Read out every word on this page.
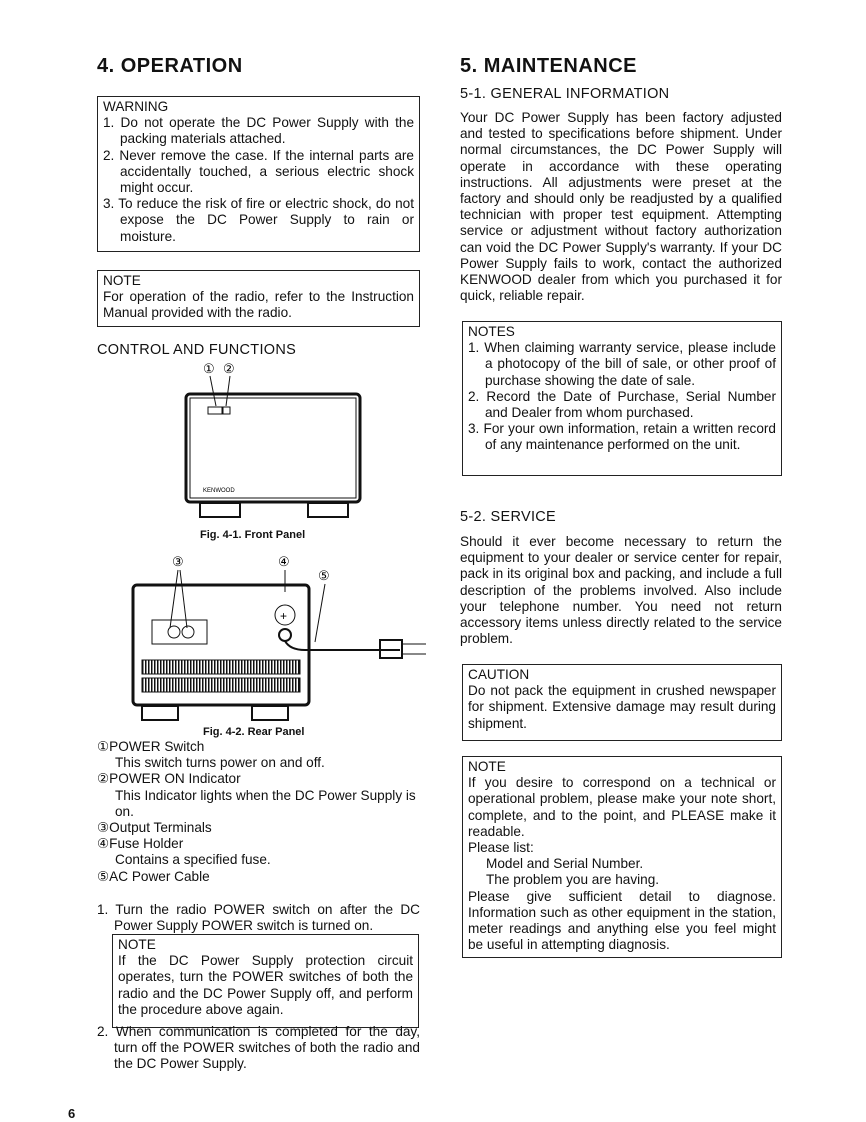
4. OPERATION
WARNING
1. Do not operate the DC Power Supply with the packing materials attached.
2. Never remove the case. If the internal parts are accidentally touched, a serious electric shock might occur.
3. To reduce the risk of fire or electric shock, do not expose the DC Power Supply to rain or moisture.
NOTE

For operation of the radio, refer to the Instruction Manual provided with the radio.

CONTROL AND FUNCTIONS
① ②
KENWOOD
Fig. 4-1. Front Panel
③	④
⑤
+
Fig. 4-2. Rear Panel
①POWER Switch
This switch turns power on and off.
②POWER ON Indicator
This Indicator lights when the DC Power Supply is on.
③Output Terminals
④Fuse Holder
Contains a specified fuse.
⑤AC Power Cable
1. Turn the radio POWER switch on after the DC Power Supply POWER switch is turned on.
NOTE

If the DC Power Supply protection circuit operates, turn the POWER switches of both the radio and the DC Power Supply off, and perform the procedure above again.

2. When communication is completed for the day, turn off the POWER switches of both the radio and the DC Power Supply.
6
5. MAINTENANCE
5-1. GENERAL INFORMATION

Your DC Power Supply has been factory adjusted and tested to specifications before shipment. Under normal circumstances, the DC Power Supply will operate in accordance with these operating instructions. All adjustments were preset at the factory and should only be readjusted by a qualified technician with proper test equipment. Attempting service or adjustment without factory authorization can void the DC Power Supply's warranty. If your DC Power Supply fails to work, contact the authorized KENWOOD dealer from which you purchased it for quick, reliable repair.

NOTES
1. When claiming warranty service, please include a photocopy of the bill of sale, or other proof of purchase showing the date of sale.
2. Record the Date of Purchase, Serial Number and Dealer from whom purchased.
3. For your own information, retain a written record of any maintenance performed on the unit.
5-2. SERVICE

Should it ever become necessary to return the equipment to your dealer or service center for repair, pack in its original box and packing, and include a full description of the problems involved. Also include your telephone number. You need not return accessory items unless directly related to the service problem.

CAUTION

Do not pack the equipment in crushed newspaper for shipment. Extensive damage may result during shipment.

NOTE

If you desire to correspond on a technical or operational problem, please make your note short, complete, and to the point, and PLEASE make it readable.

Please list:
Model and Serial Number.
The problem you are having.

Please give sufficient detail to diagnose. Information such as other equipment in the station, meter readings and anything else you feel might be useful in attempting diagnosis.
